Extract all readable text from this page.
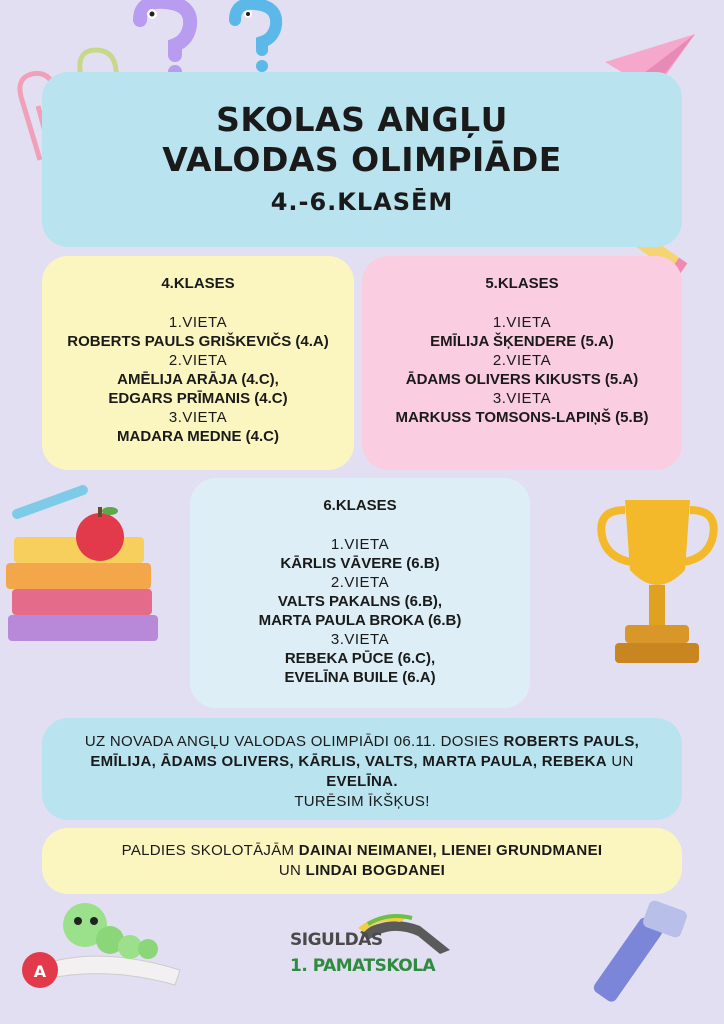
A
SKOLAS ANGĻU
VALODAS OLIMPIĀDE
4.-6.KLASĒM
4.KLASES
1.VIETA
ROBERTS PAULS GRIŠKEVIČS (4.A)
2.VIETA
AMĒLIJA ARĀJA (4.C),
EDGARS PRĪMANIS (4.C)
3.VIETA
MADARA MEDNE (4.C)
5.KLASES
1.VIETA
EMĪLIJA ŠĶENDERE (5.A)
2.VIETA
ĀDAMS OLIVERS KIKUSTS (5.A)
3.VIETA
MARKUSS TOMSONS-LAPIŅŠ (5.B)
6.KLASES
1.VIETA
KĀRLIS VĀVERE (6.B)
2.VIETA
VALTS PAKALNS (6.B),
MARTA PAULA BROKA (6.B)
3.VIETA
REBEKA PŪCE (6.C),
EVELĪNA BUILE (6.A)
UZ NOVADA ANGĻU VALODAS OLIMPIĀDI 06.11. DOSIES ROBERTS PAULS, EMĪLIJA, ĀDAMS OLIVERS, KĀRLIS, VALTS, MARTA PAULA, REBEKA UN EVELĪNA.
TURĒSIM ĪKŠĶUS!
PALDIES SKOLOTĀJĀM DAINAI NEIMANEI, LIENEI GRUNDMANEI
UN LINDAI BOGDANEI
SIGULDAS
1. PAMATSKOLA
